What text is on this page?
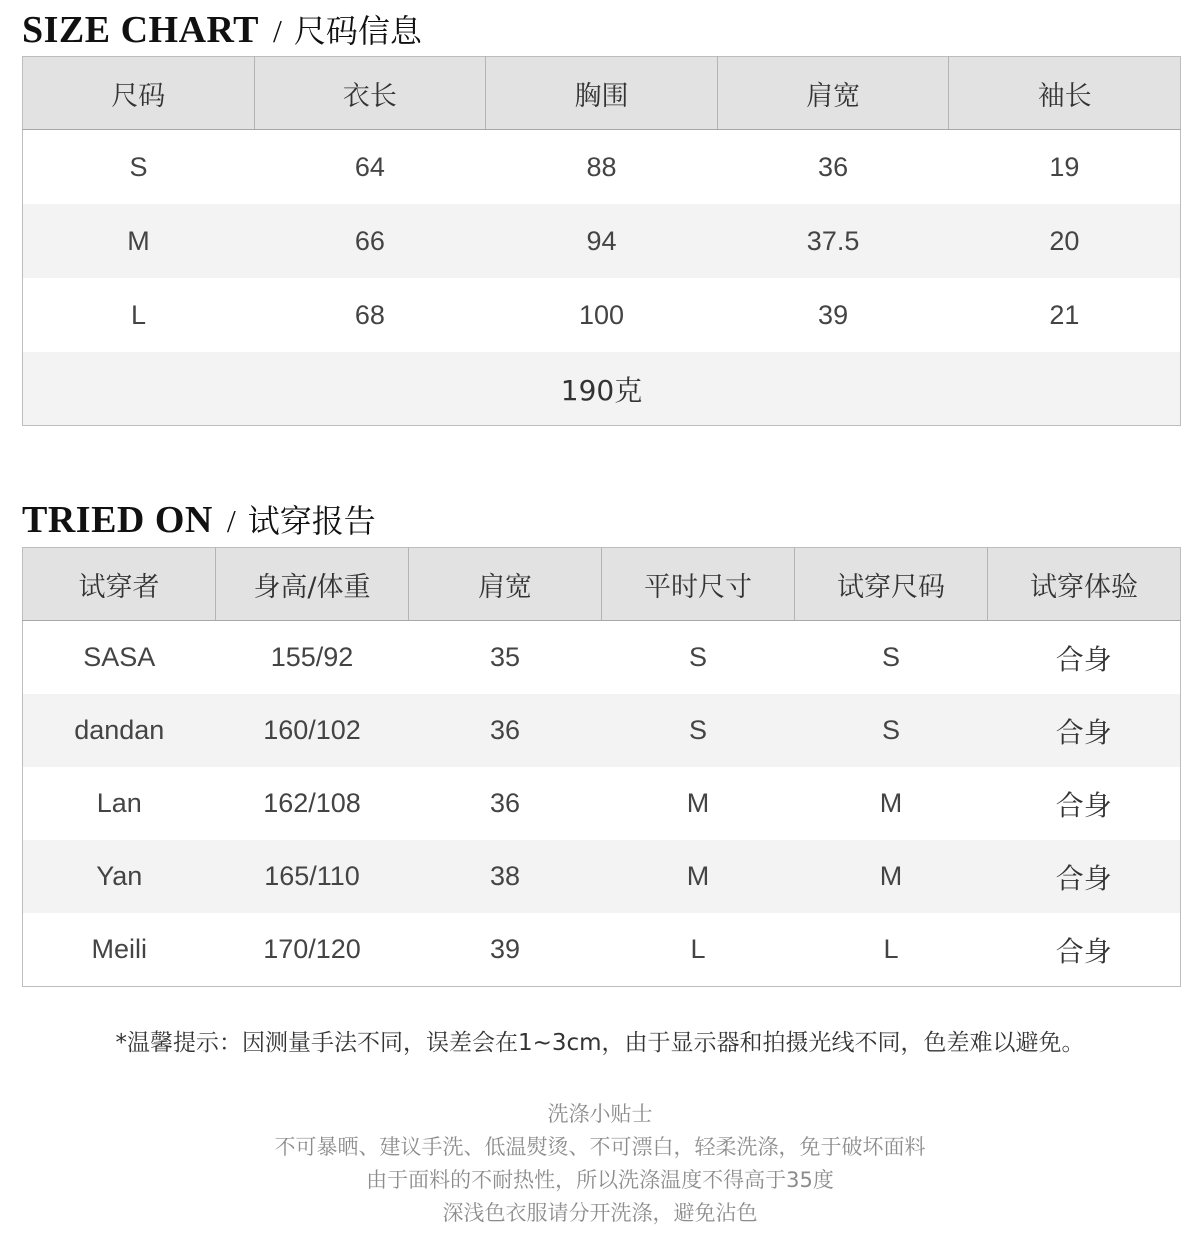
SIZE CHART / 尺码信息
尺码	衣长	胸围	肩宽	袖长
S	64	88	36	19
M	66	94	37.5	20
L	68	100	39	21
190克				
TRIED ON / 试穿报告
试穿者	身高/体重	肩宽	平时尺寸	试穿尺码	试穿体验
SASA	155/92	35	S	S	合身
dandan	160/102	36	S	S	合身
Lan	162/108	36	M	M	合身
Yan	165/110	38	M	M	合身
Meili	170/120	39	L	L	合身
*温馨提示：因测量手法不同，误差会在1~3cm，由于显示器和拍摄光线不同，色差难以避免。
洗涤小贴士
不可暴晒、建议手洗、低温熨烫、不可漂白，轻柔洗涤，免于破坏面料
由于面料的不耐热性，所以洗涤温度不得高于35度
深浅色衣服请分开洗涤，避免沾色
